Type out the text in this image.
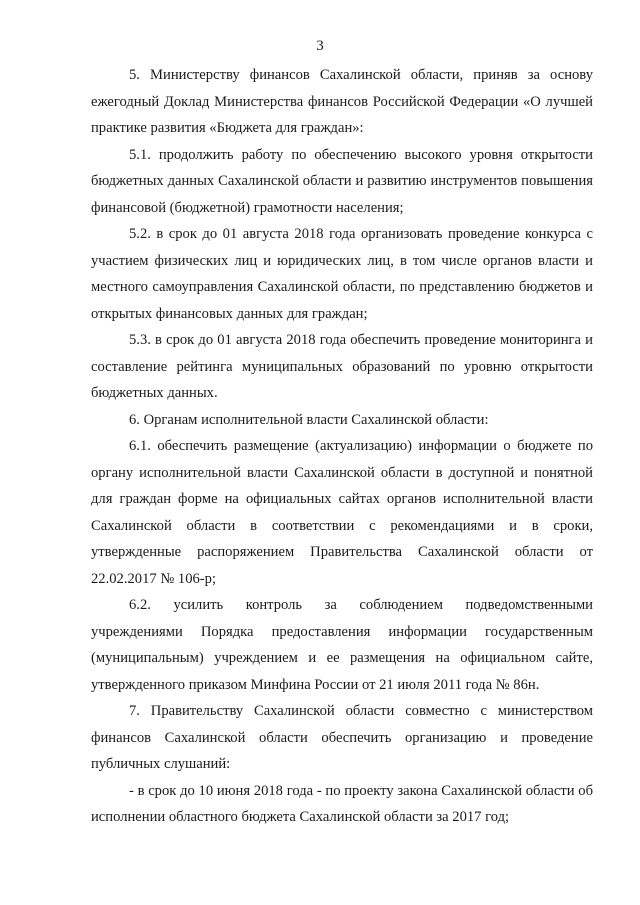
3

5. Министерству финансов Сахалинской области, приняв за основу ежегодный Доклад Министерства финансов Российской Федерации «О лучшей практике развития «Бюджета для граждан»:

5.1. продолжить работу по обеспечению высокого уровня открытости бюджетных данных Сахалинской области и развитию инструментов повышения финансовой (бюджетной) грамотности населения;

5.2. в срок до 01 августа 2018 года организовать проведение конкурса с участием физических лиц и юридических лиц, в том числе органов власти и местного самоуправления Сахалинской области, по представлению бюджетов и открытых финансовых данных для граждан;

5.3. в срок до 01 августа 2018 года обеспечить проведение мониторинга и составление рейтинга муниципальных образований по уровню открытости бюджетных данных.

6. Органам исполнительной власти Сахалинской области:

6.1. обеспечить размещение (актуализацию) информации о бюджете по органу исполнительной власти Сахалинской области в доступной и понятной для граждан форме на официальных сайтах органов исполнительной власти Сахалинской области в соответствии с рекомендациями и в сроки, утвержденные распоряжением Правительства Сахалинской области от 22.02.2017 № 106-р;

6.2. усилить контроль за соблюдением подведомственными учреждениями Порядка предоставления информации государственным (муниципальным) учреждением и ее размещения на официальном сайте, утвержденного приказом Минфина России от 21 июля 2011 года № 86н.

7. Правительству Сахалинской области совместно с министерством финансов Сахалинской области обеспечить организацию и проведение публичных слушаний:

- в срок до 10 июня 2018 года - по проекту закона Сахалинской области об исполнении областного бюджета Сахалинской области за 2017 год;
